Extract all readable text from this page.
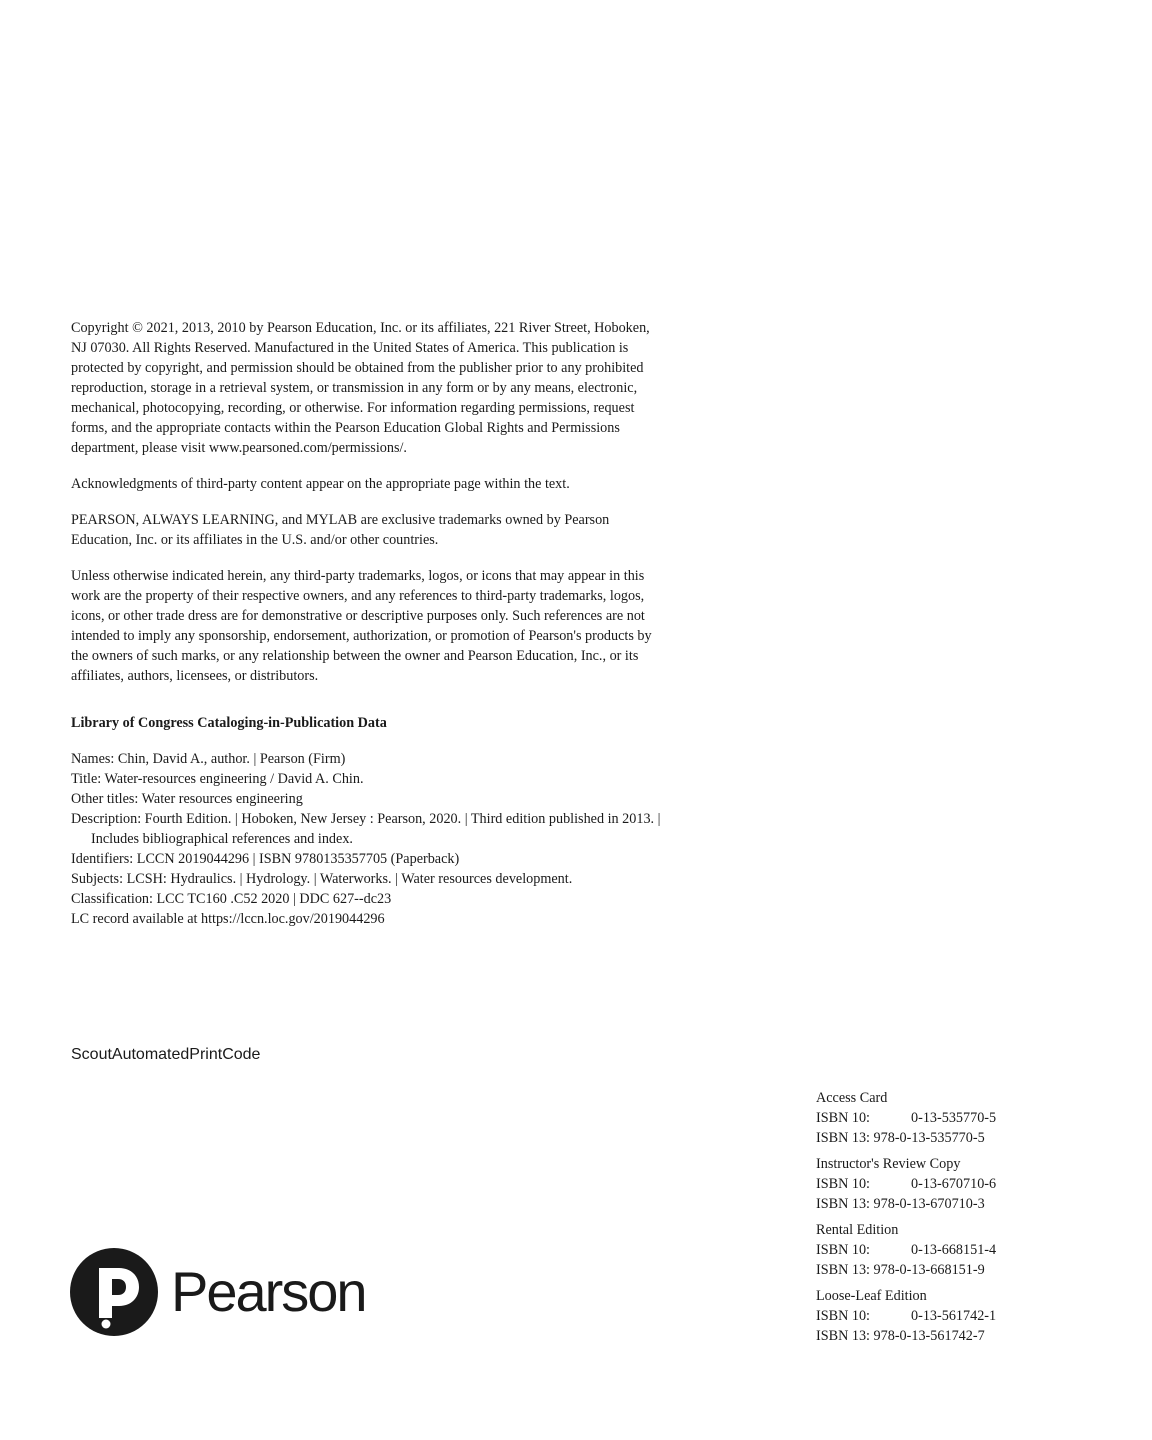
Copyright © 2021, 2013, 2010 by Pearson Education, Inc. or its affiliates, 221 River Street, Hoboken,

NJ 07030. All Rights Reserved. Manufactured in the United States of America. This publication is

protected by copyright, and permission should be obtained from the publisher prior to any prohibited

reproduction, storage in a retrieval system, or transmission in any form or by any means, electronic,

mechanical, photocopying, recording, or otherwise. For information regarding permissions, request

forms, and the appropriate contacts within the Pearson Education Global Rights and Permissions

department, please visit www.pearsoned.com/permissions/.

Acknowledgments of third-party content appear on the appropriate page within the text.

PEARSON, ALWAYS LEARNING, and MYLAB are exclusive trademarks owned by Pearson

Education, Inc. or its affiliates in the U.S. and/or other countries.

Unless otherwise indicated herein, any third-party trademarks, logos, or icons that may appear in this

work are the property of their respective owners, and any references to third-party trademarks, logos,

icons, or other trade dress are for demonstrative or descriptive purposes only. Such references are not

intended to imply any sponsorship, endorsement, authorization, or promotion of Pearson's products by

the owners of such marks, or any relationship between the owner and Pearson Education, Inc., or its

affiliates, authors, licensees, or distributors.

Library of Congress Cataloging-in-Publication Data
Names: Chin, David A., author. | Pearson (Firm)
Title: Water-resources engineering / David A. Chin.
Other titles: Water resources engineering
Description: Fourth Edition. | Hoboken, New Jersey : Pearson, 2020. | Third edition published in 2013. |
Includes bibliographical references and index.
Identifiers: LCCN 2019044296 | ISBN 9780135357705 (Paperback)
Subjects: LCSH: Hydraulics. | Hydrology. | Waterworks. | Water resources development.
Classification: LCC TC160 .C52 2020 | DDC 627--dc23
LC record available at https://lccn.loc.gov/2019044296
ScoutAutomatedPrintCode
Access Card
ISBN 10:	0-13-535770-5
ISBN 13: 978-0-13-535770-5
Instructor's Review Copy
ISBN 10:	0-13-670710-6
ISBN 13: 978-0-13-670710-3
Rental Edition
ISBN 10:	0-13-668151-4
ISBN 13: 978-0-13-668151-9
Loose-Leaf Edition
ISBN 10:	0-13-561742-1
ISBN 13: 978-0-13-561742-7
Pearson
